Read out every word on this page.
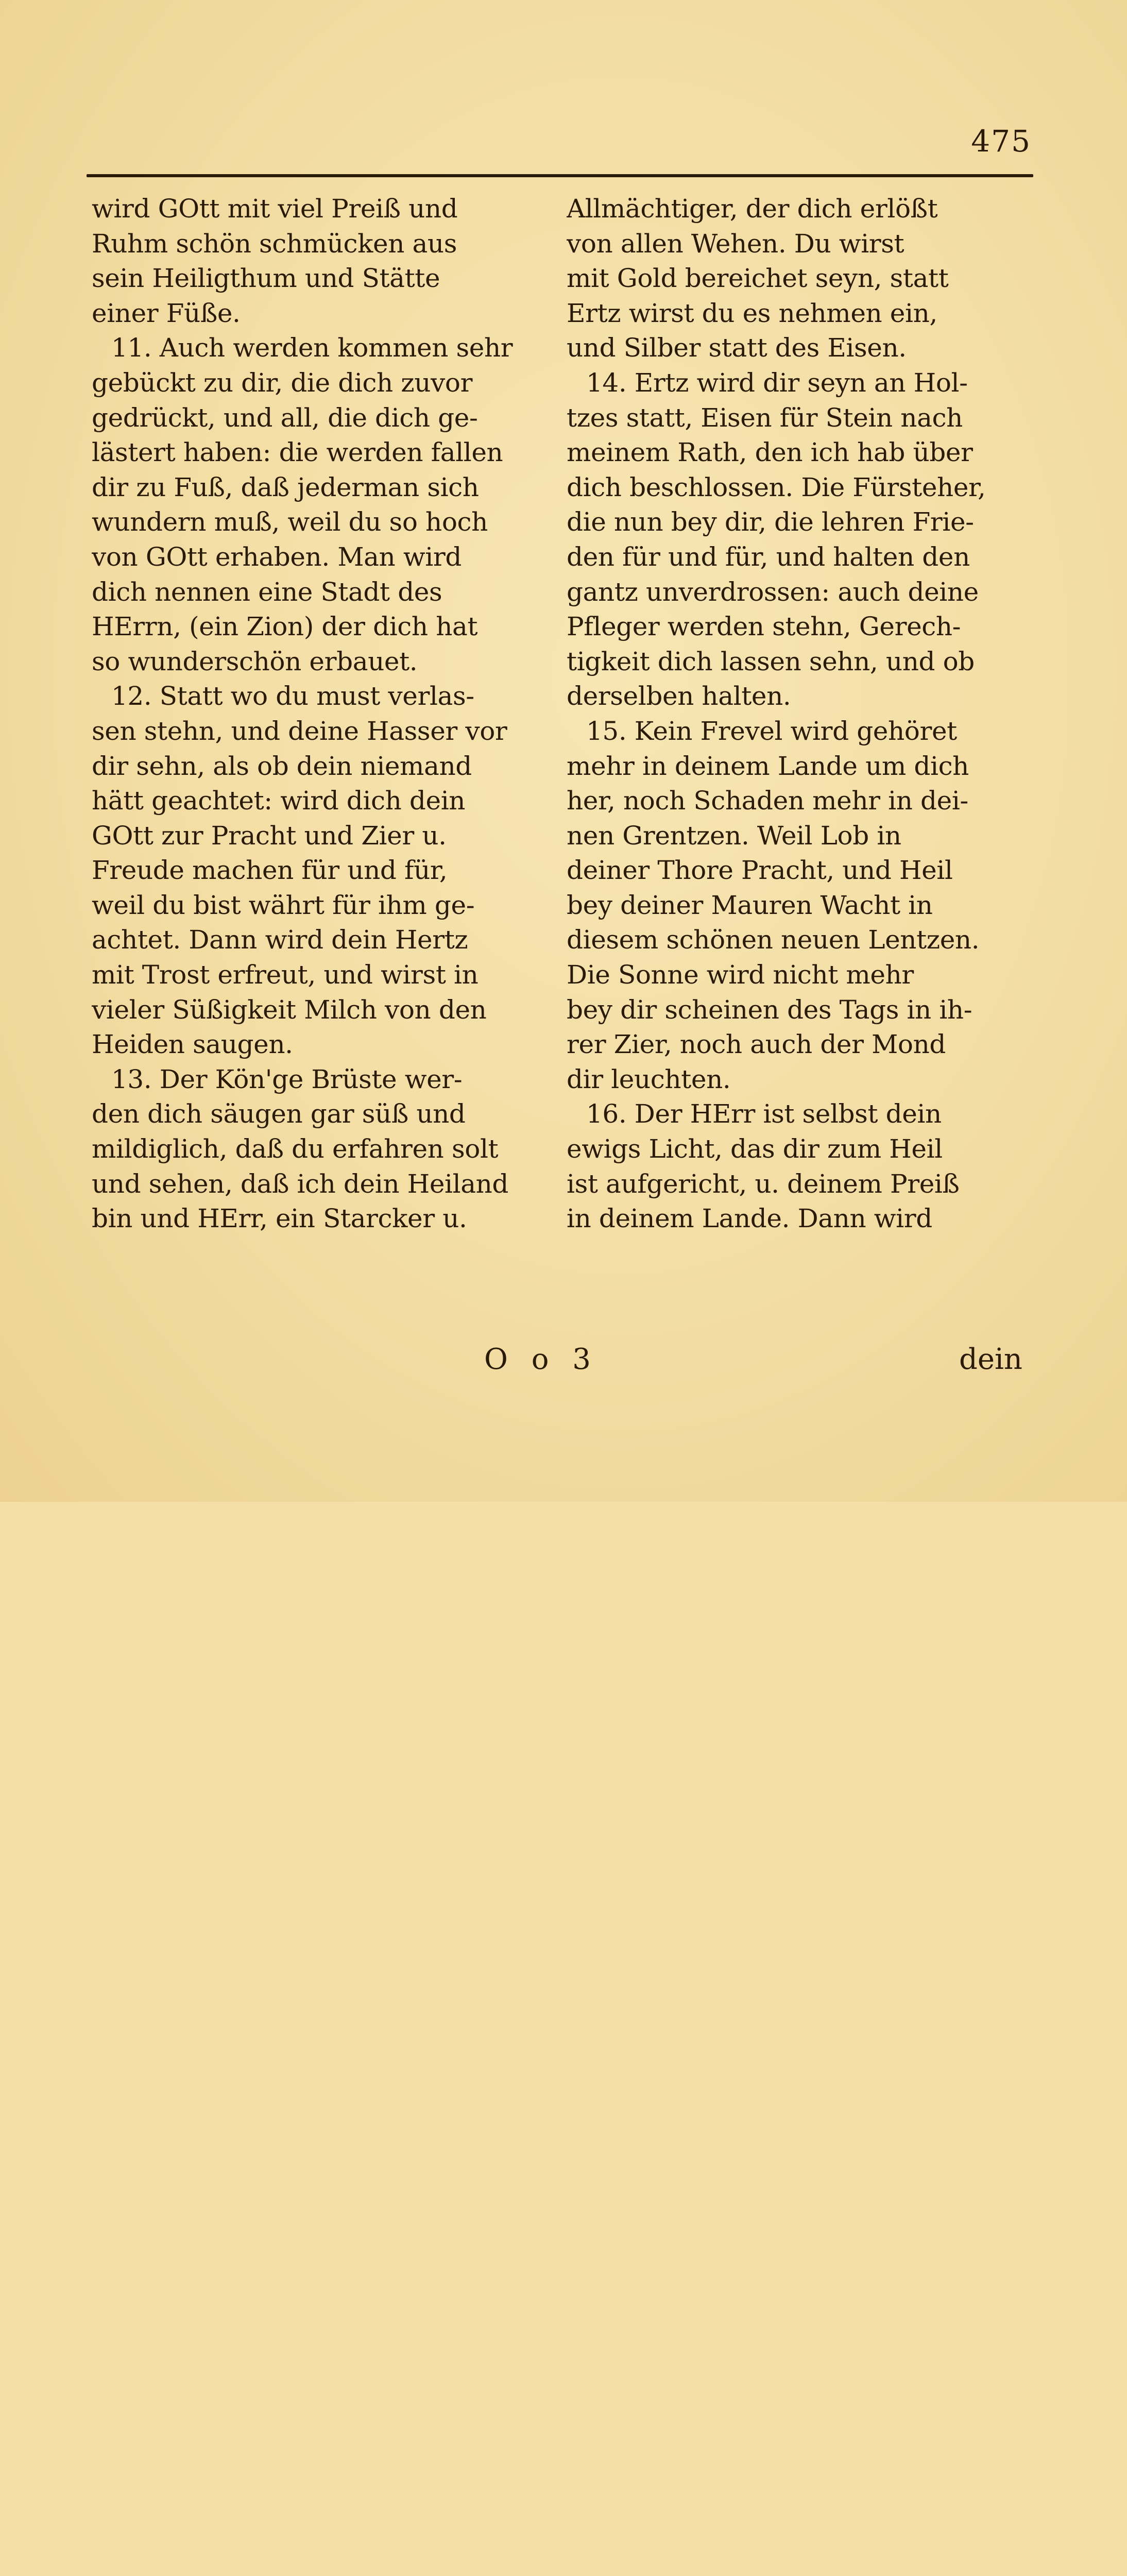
475
wird GOtt mit viel Preiß und
Ruhm schön schmücken aus
sein Heiligthum und Stätte
einer Füße.
11. Auch werden kommen sehr
gebückt zu dir, die dich zuvor
gedrückt, und all, die dich ge-
lästert haben: die werden fallen
dir zu Fuß, daß jederman sich
wundern muß, weil du so hoch
von GOtt erhaben. Man wird
dich nennen eine Stadt des
HErrn, (ein Zion) der dich hat
so wunderschön erbauet.
12. Statt wo du must verlas-
sen stehn, und deine Hasser vor
dir sehn, als ob dein niemand
hätt geachtet: wird dich dein
GOtt zur Pracht und Zier u.
Freude machen für und für,
weil du bist währt für ihm ge-
achtet. Dann wird dein Hertz
mit Trost erfreut, und wirst in
vieler Süßigkeit Milch von den
Heiden saugen.
13. Der Kön'ge Brüste wer-
den dich säugen gar süß und
mildiglich, daß du erfahren solt
und sehen, daß ich dein Heiland
bin und HErr, ein Starcker u.
Allmächtiger, der dich erlößt
von allen Wehen. Du wirst
mit Gold bereichet seyn, statt
Ertz wirst du es nehmen ein,
und Silber statt des Eisen.
14. Ertz wird dir seyn an Hol-
tzes statt, Eisen für Stein nach
meinem Rath, den ich hab über
dich beschlossen. Die Fürsteher,
die nun bey dir, die lehren Frie-
den für und für, und halten den
gantz unverdrossen: auch deine
Pfleger werden stehn, Gerech-
tigkeit dich lassen sehn, und ob
derselben halten.
15. Kein Frevel wird gehöret
mehr in deinem Lande um dich
her, noch Schaden mehr in dei-
nen Grentzen. Weil Lob in
deiner Thore Pracht, und Heil
bey deiner Mauren Wacht in
diesem schönen neuen Lentzen.
Die Sonne wird nicht mehr
bey dir scheinen des Tags in ih-
rer Zier, noch auch der Mond
dir leuchten.
16. Der HErr ist selbst dein
ewigs Licht, das dir zum Heil
ist aufgericht, u. deinem Preiß
in deinem Lande. Dann wird
O o 3	dein
